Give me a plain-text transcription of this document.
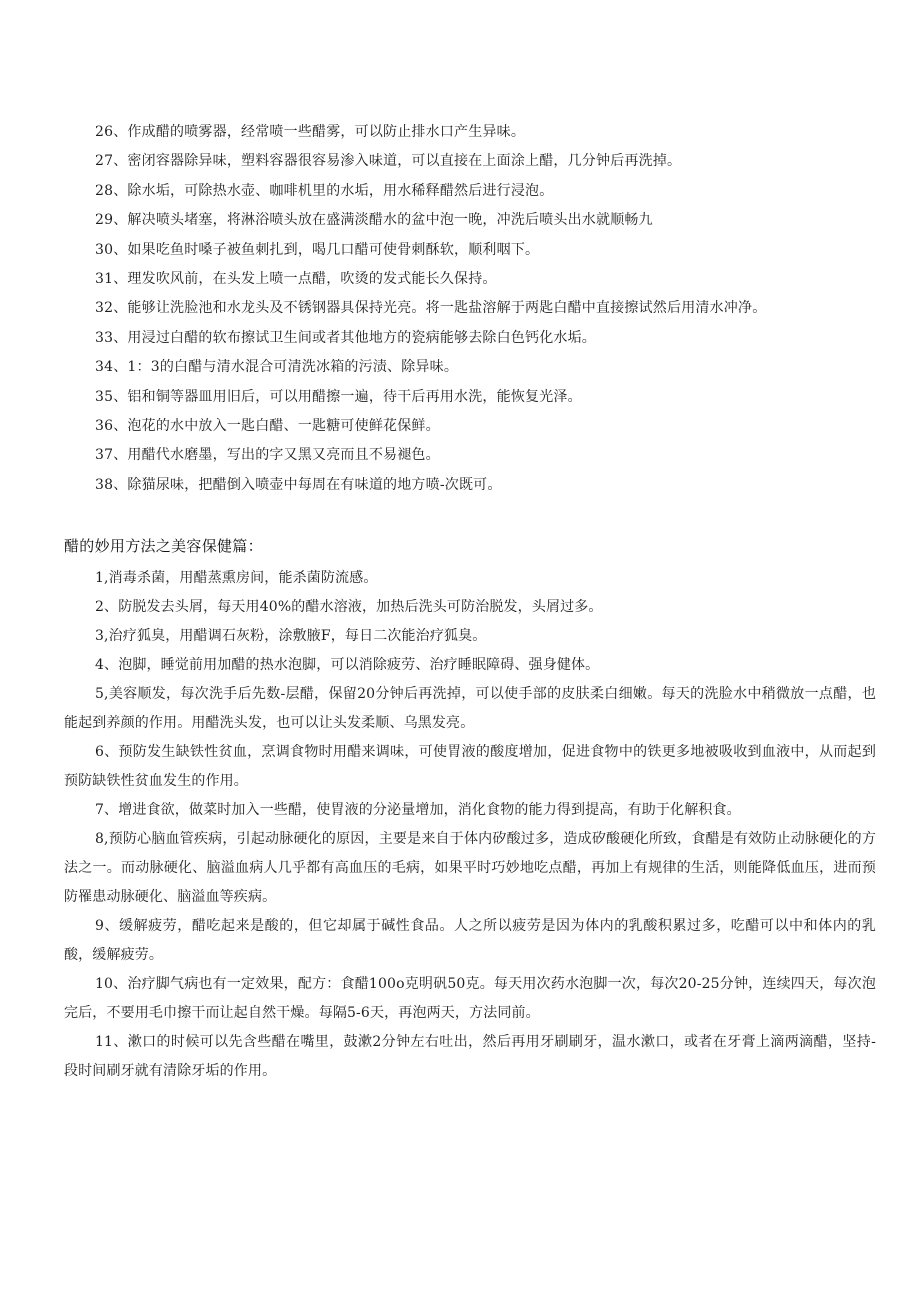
26、作成醋的喷雾器，经常喷一些醋雾，可以防止排水口产生异味。
27、密闭容器除异味，塑料容器很容易渗入味道，可以直接在上面涂上醋，几分钟后再洗掉。
28、除水垢，可除热水壶、咖啡机里的水垢，用水稀释醋然后进行浸泡。
29、解决喷头堵塞，将淋浴喷头放在盛满淡醋水的盆中泡一晚，冲洗后喷头出水就顺畅九
30、如果吃鱼时嗓子被鱼刺扎到，喝几口醋可使骨刺酥软，顺利咽下。
31、理发吹风前，在头发上喷一点醋，吹烫的发式能长久保持。
32、能够让洗脸池和水龙头及不锈钢器具保持光亮。将一匙盐溶解于两匙白醋中直接擦试然后用清水冲净。
33、用浸过白醋的软布擦试卫生间或者其他地方的瓷病能够去除白色钙化水垢。
34、1：3的白醋与清水混合可清洗冰箱的污渍、除异味。
35、铝和铜等器皿用旧后，可以用醋擦一遍，待干后再用水洗，能恢复光泽。
36、泡花的水中放入一匙白醋、一匙糖可使鲜花保鲜。
37、用醋代水磨墨，写出的字又黑又亮而且不易褪色。
38、除猫尿味，把醋倒入喷壶中每周在有味道的地方喷-次既可。
醋的妙用方法之美容保健篇：

1,消毒杀菌，用醋蒸熏房间，能杀菌防流感。

2、防脱发去头屑，每天用40%的醋水溶液，加热后洗头可防治脱发，头屑过多。

3,治疗狐臭，用醋调石灰粉，涂敷腋F，每日二次能治疗狐臭。

4、泡脚，睡觉前用加醋的热水泡脚，可以消除疲劳、治疗睡眠障碍、强身健体。

5,美容顺发，每次洗手后先数-层醋，保留20分钟后再洗掉，可以使手部的皮肤柔白细嫩。每天的洗脸水中稍微放一点醋，也能起到养颜的作用。用醋洗头发，也可以让头发柔顺、乌黑发亮。

6、预防发生缺铁性贫血，烹调食物时用醋来调味，可使胃液的酸度增加，促进食物中的铁更多地被吸收到血液中，从而起到预防缺铁性贫血发生的作用。

7、增进食欲，做菜时加入一些醋，使胃液的分泌量增加，消化食物的能力得到提高，有助于化解积食。

8,预防心脑血管疾病，引起动脉硬化的原因，主要是来自于体内矽酸过多，造成矽酸硬化所致，食醋是有效防止动脉硬化的方法之一。而动脉硬化、脑溢血病人几乎都有高血压的毛病，如果平时巧妙地吃点醋，再加上有规律的生活，则能降低血压，进而预防罹患动脉硬化、脑溢血等疾病。

9、缓解疲劳，醋吃起来是酸的，但它却属于碱性食品。人之所以疲劳是因为体内的乳酸积累过多，吃醋可以中和体内的乳酸，缓解疲劳。

10、治疗脚气病也有一定效果，配方：食醋100o克明矾50克。每天用次药水泡脚一次，每次20-25分钟，连续四天，每次泡完后，不要用毛巾擦干而让起自然干燥。每隔5-6天，再泡两天，方法同前。

11、漱口的时候可以先含些醋在嘴里，鼓漱2分钟左右吐出，然后再用牙刷刷牙，温水漱口，或者在牙膏上滴两滴醋，坚持-段时间刷牙就有清除牙垢的作用。
